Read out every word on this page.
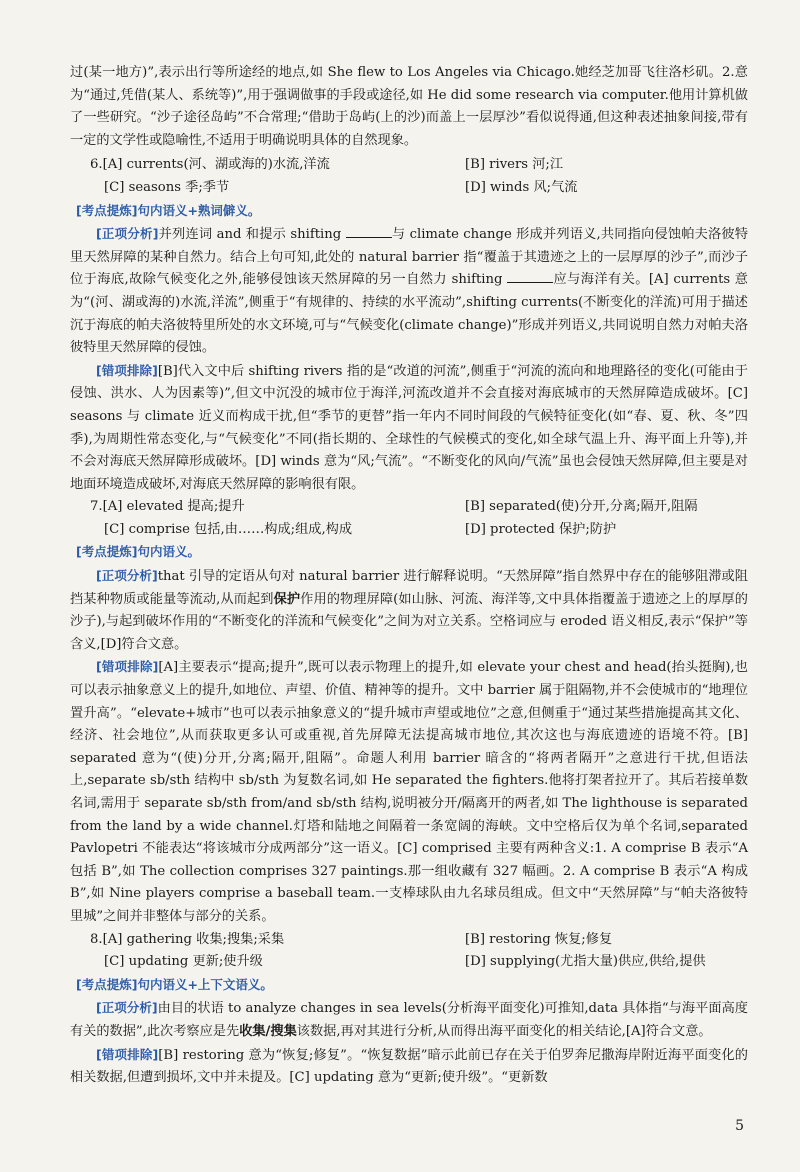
过(某一地方)”,表示出行等所途经的地点,如 She flew to Los Angeles via Chicago.她经芝加哥飞往洛杉矶。2.意为“通过,凭借(某人、系统等)”,用于强调做事的手段或途径,如 He did some research via computer.他用计算机做了一些研究。“沙子途径岛屿”不合常理;“借助于岛屿(上的沙)而盖上一层厚沙”看似说得通,但这种表述抽象间接,带有一定的文学性或隐喻性,不适用于明确说明具体的自然现象。

6.[A] currents(河、湖或海的)水流,洋流	[B] rivers 河;江
[C] seasons 季;季节	[D] winds 风;气流

[考点提炼]句内语义+熟词僻义。

[正项分析]并列连词 and 和提示 shifting	与 climate change 形成并列语义,共同指向侵蚀帕夫洛彼特里天然屏障的某种自然力。结合上句可知,此处的 natural barrier 指“覆盖于其遗迹之上的一层厚厚的沙子”,而沙子位于海底,故除气候变化之外,能够侵蚀该天然屏障的另一自然力 shifting	应与海洋有关。[A] currents 意为“(河、湖或海的)水流,洋流”,侧重于“有规律的、持续的水平流动”,shifting currents(不断变化的洋流)可用于描述沉于海底的帕夫洛彼特里所处的水文环境,可与“气候变化(climate change)”形成并列语义,共同说明自然力对帕夫洛彼特里天然屏障的侵蚀。

[错项排除][B]代入文中后 shifting rivers 指的是“改道的河流”,侧重于“河流的流向和地理路径的变化(可能由于侵蚀、洪水、人为因素等)”,但文中沉没的城市位于海洋,河流改道并不会直接对海底城市的天然屏障造成破坏。[C] seasons 与 climate 近义而构成干扰,但“季节的更替”指一年内不同时间段的气候特征变化(如“春、夏、秋、冬”四季),为周期性常态变化,与“气候变化”不同(指长期的、全球性的气候模式的变化,如全球气温上升、海平面上升等),并不会对海底天然屏障形成破坏。[D] winds 意为“风;气流”。“不断变化的风向/气流”虽也会侵蚀天然屏障,但主要是对地面环境造成破坏,对海底天然屏障的影响很有限。

7.[A] elevated 提高;提升	[B] separated(使)分开,分离;隔开,阻隔
[C] comprise 包括,由……构成;组成,构成	[D] protected 保护;防护

[考点提炼]句内语义。

[正项分析]that 引导的定语从句对 natural barrier 进行解释说明。“天然屏障”指自然界中存在的能够阻滞或阻挡某种物质或能量等流动,从而起到保护作用的物理屏障(如山脉、河流、海洋等,文中具体指覆盖于遗迹之上的厚厚的沙子),与起到破坏作用的“不断变化的洋流和气候变化”之间为对立关系。空格词应与 eroded 语义相反,表示“保护”等含义,[D]符合文意。

[错项排除][A]主要表示“提高;提升”,既可以表示物理上的提升,如 elevate your chest and head(抬头挺胸),也可以表示抽象意义上的提升,如地位、声望、价值、精神等的提升。文中 barrier 属于阻隔物,并不会使城市的“地理位置升高”。“elevate+城市”也可以表示抽象意义的“提升城市声望或地位”之意,但侧重于“通过某些措施提高其文化、经济、社会地位”,从而获取更多认可或重视,首先屏障无法提高城市地位,其次这也与海底遗迹的语境不符。[B] separated 意为“(使)分开,分离;隔开,阻隔”。命题人利用 barrier 暗含的“将两者隔开”之意进行干扰,但语法上,separate sb/sth 结构中 sb/sth 为复数名词,如 He separated the fighters.他将打架者拉开了。其后若接单数名词,需用于 separate sb/sth from/and sb/sth 结构,说明被分开/隔离开的两者,如 The lighthouse is separated from the land by a wide channel.灯塔和陆地之间隔着一条宽阔的海峡。文中空格后仅为单个名词,separated Pavlopetri 不能表达“将该城市分成两部分”这一语义。[C] comprised 主要有两种含义:1. A comprise B 表示“A 包括 B”,如 The collection comprises 327 paintings.那一组收藏有 327 幅画。2. A comprise B 表示“A 构成 B”,如 Nine players comprise a baseball team.一支棒球队由九名球员组成。但文中“天然屏障”与“帕夫洛彼特里城”之间并非整体与部分的关系。

8.[A] gathering 收集;搜集;采集	[B] restoring 恢复;修复
[C] updating 更新;使升级	[D] supplying(尤指大量)供应,供给,提供

[考点提炼]句内语义+上下文语义。

[正项分析]由目的状语 to analyze changes in sea levels(分析海平面变化)可推知,data 具体指“与海平面高度有关的数据”,此次考察应是先收集/搜集该数据,再对其进行分析,从而得出海平面变化的相关结论,[A]符合文意。

[错项排除][B] restoring 意为“恢复;修复”。“恢复数据”暗示此前已存在关于伯罗奔尼撒海岸附近海平面变化的相关数据,但遭到损坏,文中并未提及。[C] updating 意为“更新;使升级”。“更新数

5
